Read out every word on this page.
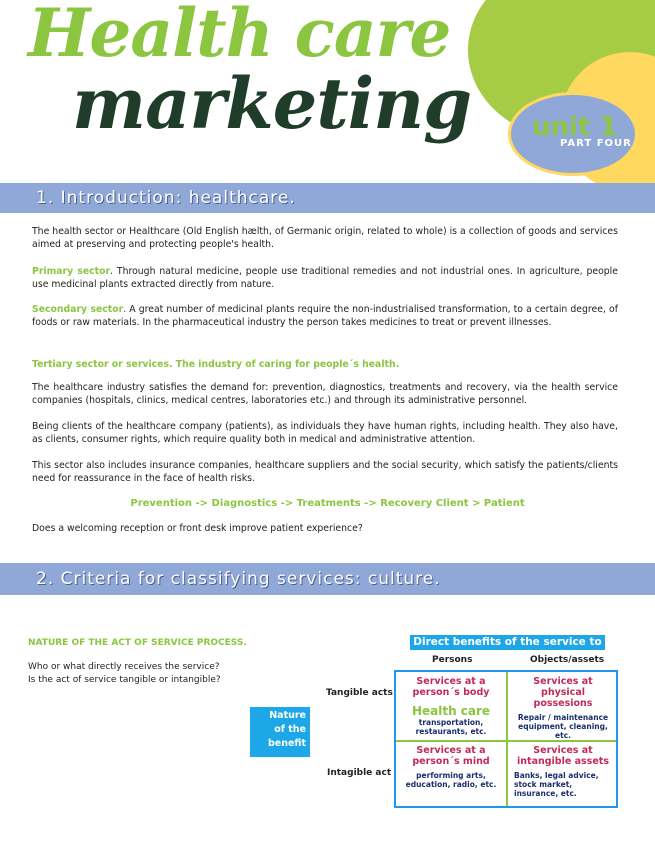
Health care
marketing unit 1
PART FOUR
1. Introduction: healthcare.
The health sector or Healthcare (Old English hælth, of Germanic origin, related to whole) is a collection of goods and services aimed at preserving and protecting people's health.
Primary sector. Through natural medicine, people use traditional remedies and not industrial ones. In agriculture, people use medicinal plants extracted directly from nature.
Secondary sector. A great number of medicinal plants require the non-industrialised transformation, to a certain degree, of foods or raw materials. In the pharmaceutical industry the person takes medicines to treat or prevent illnesses.
Tertiary sector or services. The industry of caring for people´s health.
The healthcare industry satisfies the demand for: prevention, diagnostics, treatments and recovery, via the health service companies (hospitals, clinics, medical centres, laboratories etc.) and through its administrative personnel.
Being clients of the healthcare company (patients), as individuals they have human rights, including health. They also have, as clients, consumer rights, which require quality both in medical and administrative attention.
This sector also includes insurance companies, healthcare suppliers and the social security, which satisfy the patients/clients need for reassurance in the face of health risks.
Prevention -> Diagnostics -> Treatments -> Recovery Client > Patient
Does a welcoming reception or front desk improve patient experience?
2. Criteria for classifying services: culture.
NATURE OF THE ACT OF SERVICE PROCESS.
Who or what directly receives the service?
Is the act of service tangible or intangible?
Direct benefits of the service to
Persons	Objects/assets
Tangible acts
Intagible act
Nature
of the
benefit
Services at a person´s body
Health care
transportation, restaurants, etc.
Services at physical possesions
Repair / maintenance equipment, cleaning, etc.
Services at a person´s mind
performing arts, education, radio, etc.
Services at intangible assets
Banks, legal advice, stock market, insurance, etc.
